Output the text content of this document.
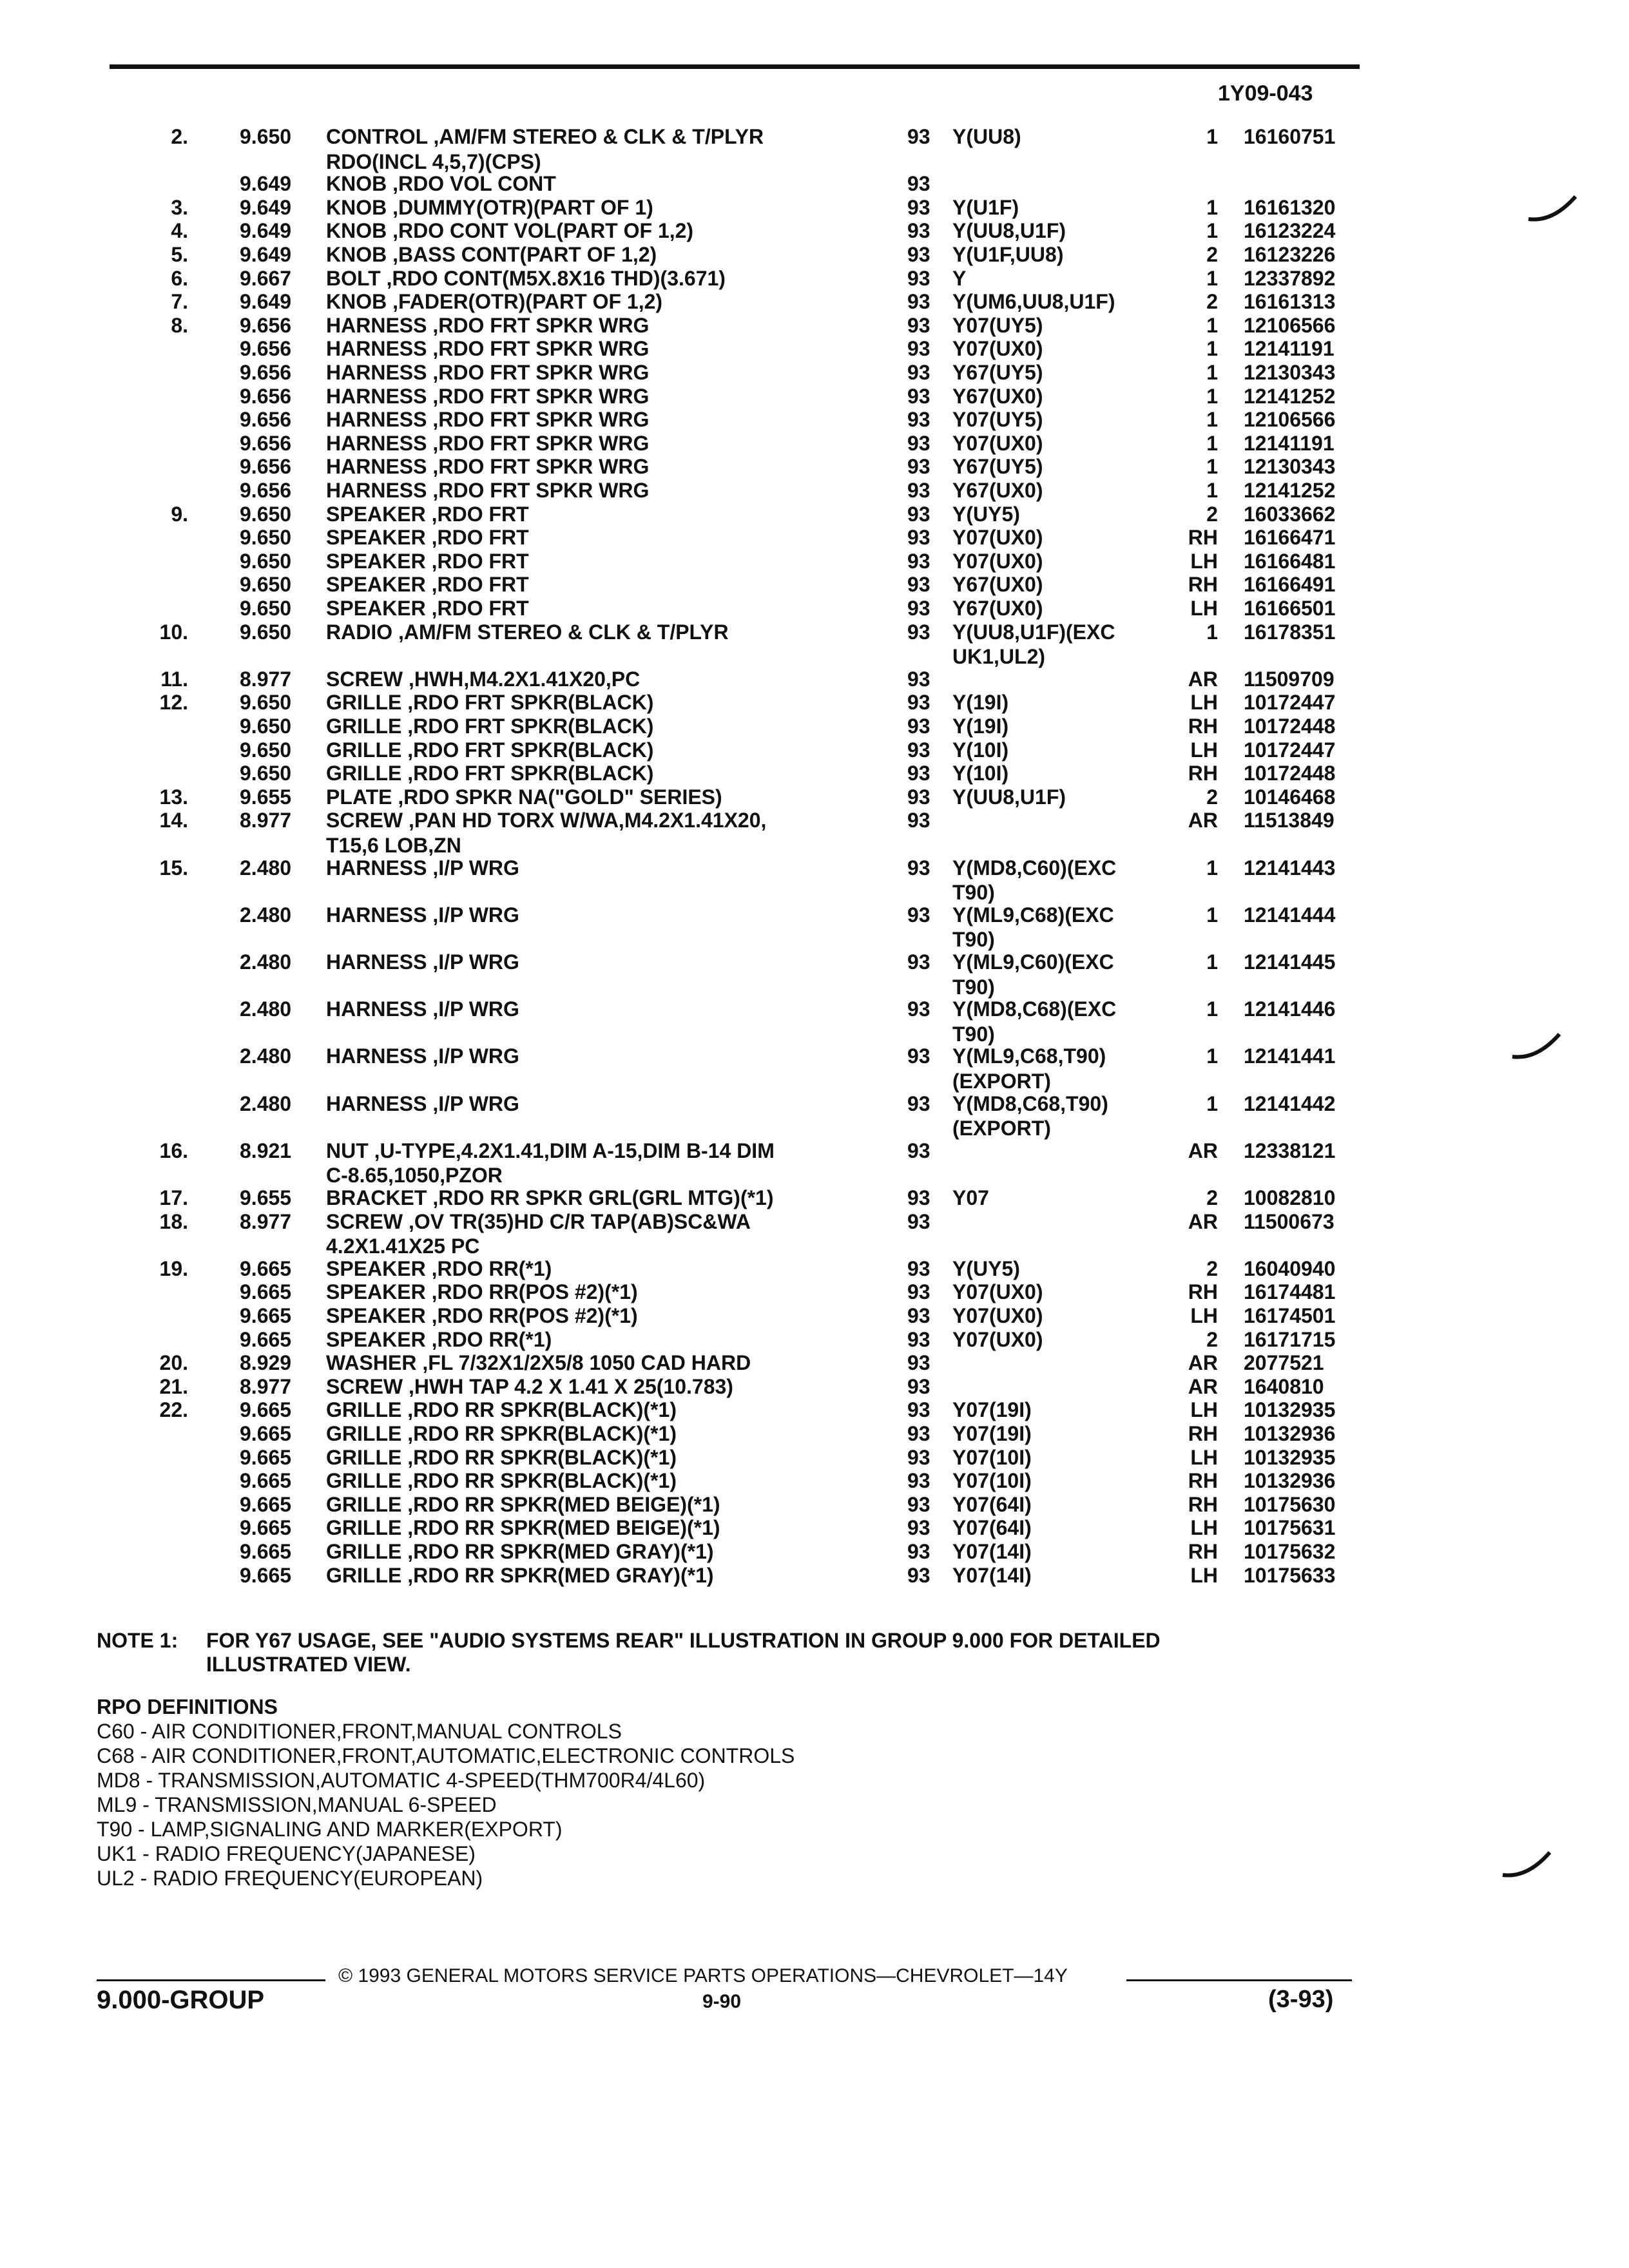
1Y09-043
2.	9.650 CONTROL ,AM/FM STEREO & CLK & T/PLYR	93 Y(UU8)	1 16160751
RDO(INCL 4,5,7)(CPS)
9.649 KNOB ,RDO VOL CONT	93
3.	9.649 KNOB ,DUMMY(OTR)(PART OF 1)	93 Y(U1F)	1 16161320
4.	9.649 KNOB ,RDO CONT VOL(PART OF 1,2)	93 Y(UU8,U1F)	1 16123224
5.	9.649 KNOB ,BASS CONT(PART OF 1,2)	93 Y(U1F,UU8)	2 16123226
6.	9.667 BOLT ,RDO CONT(M5X.8X16 THD)(3.671)	93 Y	1 12337892
7.	9.649 KNOB ,FADER(OTR)(PART OF 1,2)	93 Y(UM6,UU8,U1F)	2 16161313
8.	9.656 HARNESS ,RDO FRT SPKR WRG	93 Y07(UY5)	1 12106566
9.656 HARNESS ,RDO FRT SPKR WRG	93 Y07(UX0)	1 12141191
9.656 HARNESS ,RDO FRT SPKR WRG	93 Y67(UY5)	1 12130343
9.656 HARNESS ,RDO FRT SPKR WRG	93 Y67(UX0)	1 12141252
9.656 HARNESS ,RDO FRT SPKR WRG	93 Y07(UY5)	1 12106566
9.656 HARNESS ,RDO FRT SPKR WRG	93 Y07(UX0)	1 12141191
9.656 HARNESS ,RDO FRT SPKR WRG	93 Y67(UY5)	1 12130343
9.656 HARNESS ,RDO FRT SPKR WRG	93 Y67(UX0)	1 12141252
9.	9.650 SPEAKER ,RDO FRT	93 Y(UY5)	2 16033662
9.650 SPEAKER ,RDO FRT	93 Y07(UX0)	RH 16166471
9.650 SPEAKER ,RDO FRT	93 Y07(UX0)	LH 16166481
9.650 SPEAKER ,RDO FRT	93 Y67(UX0)	RH 16166491
9.650 SPEAKER ,RDO FRT	93 Y67(UX0)	LH 16166501
10.	9.650 RADIO ,AM/FM STEREO & CLK & T/PLYR	93 Y(UU8,U1F)(EXC	1 16178351
UK1,UL2)
11.	8.977 SCREW ,HWH,M4.2X1.41X20,PC	93	AR 11509709
12.	9.650 GRILLE ,RDO FRT SPKR(BLACK)	93 Y(19I)	LH 10172447
9.650 GRILLE ,RDO FRT SPKR(BLACK)	93 Y(19I)	RH 10172448
9.650 GRILLE ,RDO FRT SPKR(BLACK)	93 Y(10I)	LH 10172447
9.650 GRILLE ,RDO FRT SPKR(BLACK)	93 Y(10I)	RH 10172448
13.	9.655 PLATE ,RDO SPKR NA("GOLD" SERIES)	93 Y(UU8,U1F)	2 10146468
14.	8.977 SCREW ,PAN HD TORX W/WA,M4.2X1.41X20,	93	AR 11513849
T15,6 LOB,ZN
15.	2.480 HARNESS ,I/P WRG	93 Y(MD8,C60)(EXC	1 12141443
T90)
2.480 HARNESS ,I/P WRG	93 Y(ML9,C68)(EXC	1 12141444
T90)
2.480 HARNESS ,I/P WRG	93 Y(ML9,C60)(EXC	1 12141445
T90)
2.480 HARNESS ,I/P WRG	93 Y(MD8,C68)(EXC	1 12141446
T90)
2.480 HARNESS ,I/P WRG	93 Y(ML9,C68,T90)	1 12141441
(EXPORT)
2.480 HARNESS ,I/P WRG	93 Y(MD8,C68,T90)	1 12141442
(EXPORT)
16.	8.921 NUT ,U-TYPE,4.2X1.41,DIM A-15,DIM B-14 DIM	93	AR 12338121
C-8.65,1050,PZOR
17.	9.655 BRACKET ,RDO RR SPKR GRL(GRL MTG)(*1)	93 Y07	2 10082810
18.	8.977 SCREW ,OV TR(35)HD C/R TAP(AB)SC&WA	93	AR 11500673
4.2X1.41X25 PC
19.	9.665 SPEAKER ,RDO RR(*1)	93 Y(UY5)	2 16040940
9.665 SPEAKER ,RDO RR(POS #2)(*1)	93 Y07(UX0)	RH 16174481
9.665 SPEAKER ,RDO RR(POS #2)(*1)	93 Y07(UX0)	LH 16174501
9.665 SPEAKER ,RDO RR(*1)	93 Y07(UX0)	2 16171715
20.	8.929 WASHER ,FL 7/32X1/2X5/8 1050 CAD HARD	93	AR 2077521
21.	8.977 SCREW ,HWH TAP 4.2 X 1.41 X 25(10.783)	93	AR 1640810
22.	9.665 GRILLE ,RDO RR SPKR(BLACK)(*1)	93 Y07(19I)	LH 10132935
9.665 GRILLE ,RDO RR SPKR(BLACK)(*1)	93 Y07(19I)	RH 10132936
9.665 GRILLE ,RDO RR SPKR(BLACK)(*1)	93 Y07(10I)	LH 10132935
9.665 GRILLE ,RDO RR SPKR(BLACK)(*1)	93 Y07(10I)	RH 10132936
9.665 GRILLE ,RDO RR SPKR(MED BEIGE)(*1)	93 Y07(64I)	RH 10175630
9.665 GRILLE ,RDO RR SPKR(MED BEIGE)(*1)	93 Y07(64I)	LH 10175631
9.665 GRILLE ,RDO RR SPKR(MED GRAY)(*1)	93 Y07(14I)	RH 10175632
9.665 GRILLE ,RDO RR SPKR(MED GRAY)(*1)	93 Y07(14I)	LH 10175633
NOTE 1: FOR Y67 USAGE, SEE "AUDIO SYSTEMS REAR" ILLUSTRATION IN GROUP 9.000 FOR DETAILED
ILLUSTRATED VIEW.
RPO DEFINITIONS
C60 - AIR CONDITIONER,FRONT,MANUAL CONTROLS
C68 - AIR CONDITIONER,FRONT,AUTOMATIC,ELECTRONIC CONTROLS
MD8 - TRANSMISSION,AUTOMATIC 4-SPEED(THM700R4/4L60)
ML9 - TRANSMISSION,MANUAL 6-SPEED
T90 - LAMP,SIGNALING AND MARKER(EXPORT)
UK1 - RADIO FREQUENCY(JAPANESE)
UL2 - RADIO FREQUENCY(EUROPEAN)
© 1993 GENERAL MOTORS SERVICE PARTS OPERATIONS—CHEVROLET—14Y
9.000-GROUP	9-90	(3-93)
